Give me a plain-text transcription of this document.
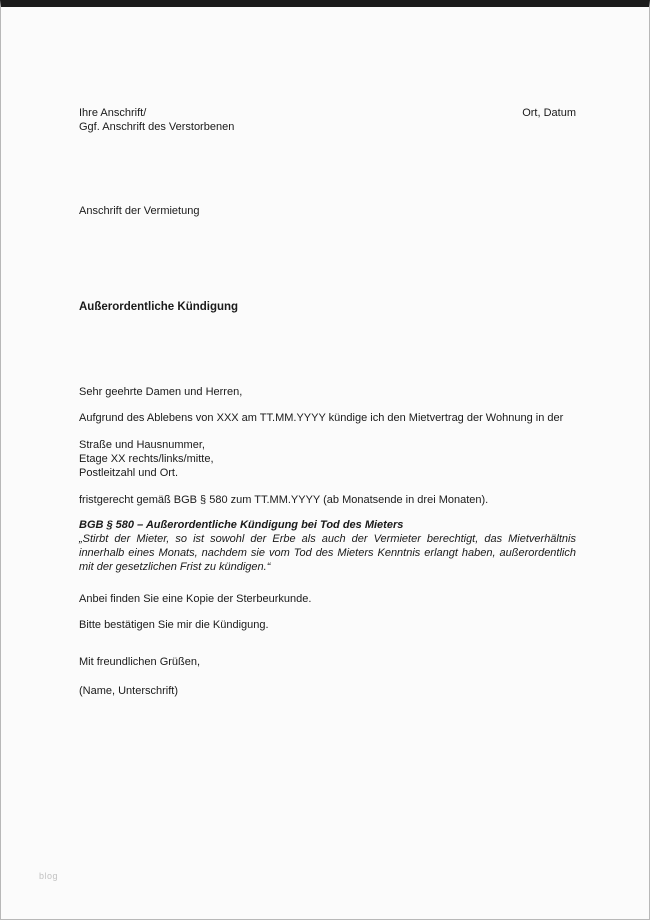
Ihre Anschrift/
Ggf. Anschrift des Verstorbenen
Ort, Datum
Anschrift der Vermietung
Außerordentliche Kündigung
Sehr geehrte Damen und Herren,
Aufgrund des Ablebens von XXX am TT.MM.YYYY kündige ich den Mietvertrag der Wohnung in der
Straße und Hausnummer,
Etage XX rechts/links/mitte,
Postleitzahl und Ort.
fristgerecht gemäß BGB § 580 zum TT.MM.YYYY (ab Monatsende in drei Monaten).
BGB § 580 – Außerordentliche Kündigung bei Tod des Mieters
„Stirbt der Mieter, so ist sowohl der Erbe als auch der Vermieter berechtigt, das Mietverhältnis innerhalb eines Monats, nachdem sie vom Tod des Mieters Kenntnis erlangt haben, außerordentlich mit der gesetzlichen Frist zu kündigen.“
Anbei finden Sie eine Kopie der Sterbeurkunde.
Bitte bestätigen Sie mir die Kündigung.
Mit freundlichen Grüßen,
(Name, Unterschrift)
blog
